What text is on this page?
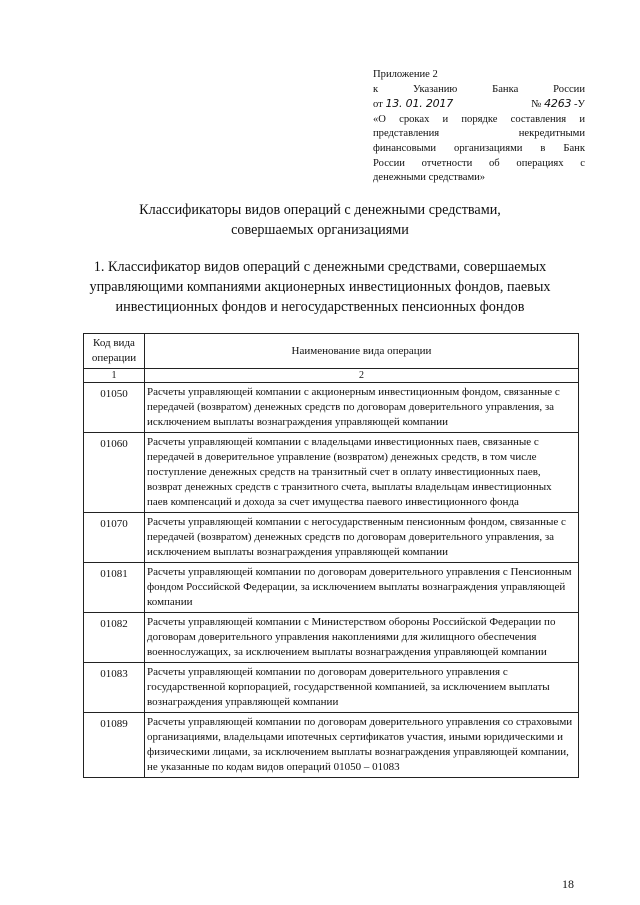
Приложение 2
к	Указанию	Банка	России
от 13. 01. 2017	№ 4263 -У
«О сроках и порядке составления и
представления некредитными
финансовыми организациями в Банк
России отчетности об операциях с
денежными средствами»
Классификаторы видов операций с денежными средствами,
совершаемых организациями
1. Классификатор видов операций с денежными средствами, совершаемых
управляющими компаниями акционерных инвестиционных фондов, паевых
инвестиционных фондов и негосударственных пенсионных фондов
Код вида операции	Наименование вида операции
1	2
01050	Расчеты управляющей компании с акционерным инвестиционным фондом, связанные с передачей (возвратом) денежных средств по договорам доверительного управления, за исключением выплаты вознаграждения управляющей компании
01060	Расчеты управляющей компании с владельцами инвестиционных паев, связанные с передачей в доверительное управление (возвратом) денежных средств, в том числе поступление денежных средств на транзитный счет в оплату инвестиционных паев, возврат денежных средств с транзитного счета, выплаты владельцам инвестиционных паев компенсаций и дохода за счет имущества паевого инвестиционного фонда
01070	Расчеты управляющей компании с негосударственным пенсионным фондом, связанные с передачей (возвратом) денежных средств по договорам доверительного управления, за исключением выплаты вознаграждения управляющей компании
01081	Расчеты управляющей компании по договорам доверительного управления с Пенсионным фондом Российской Федерации, за исключением выплаты вознаграждения управляющей компании
01082	Расчеты управляющей компании с Министерством обороны Российской Федерации по договорам доверительного управления накоплениями для жилищного обеспечения военнослужащих, за исключением выплаты вознаграждения управляющей компании
01083	Расчеты управляющей компании по договорам доверительного управления с государственной корпорацией, государственной компанией, за исключением выплаты вознаграждения управляющей компании
01089	Расчеты управляющей компании по договорам доверительного управления со страховыми организациями, владельцами ипотечных сертификатов участия, иными юридическими и физическими лицами, за исключением выплаты вознаграждения управляющей компании, не указанные по кодам видов операций 01050 – 01083
18
